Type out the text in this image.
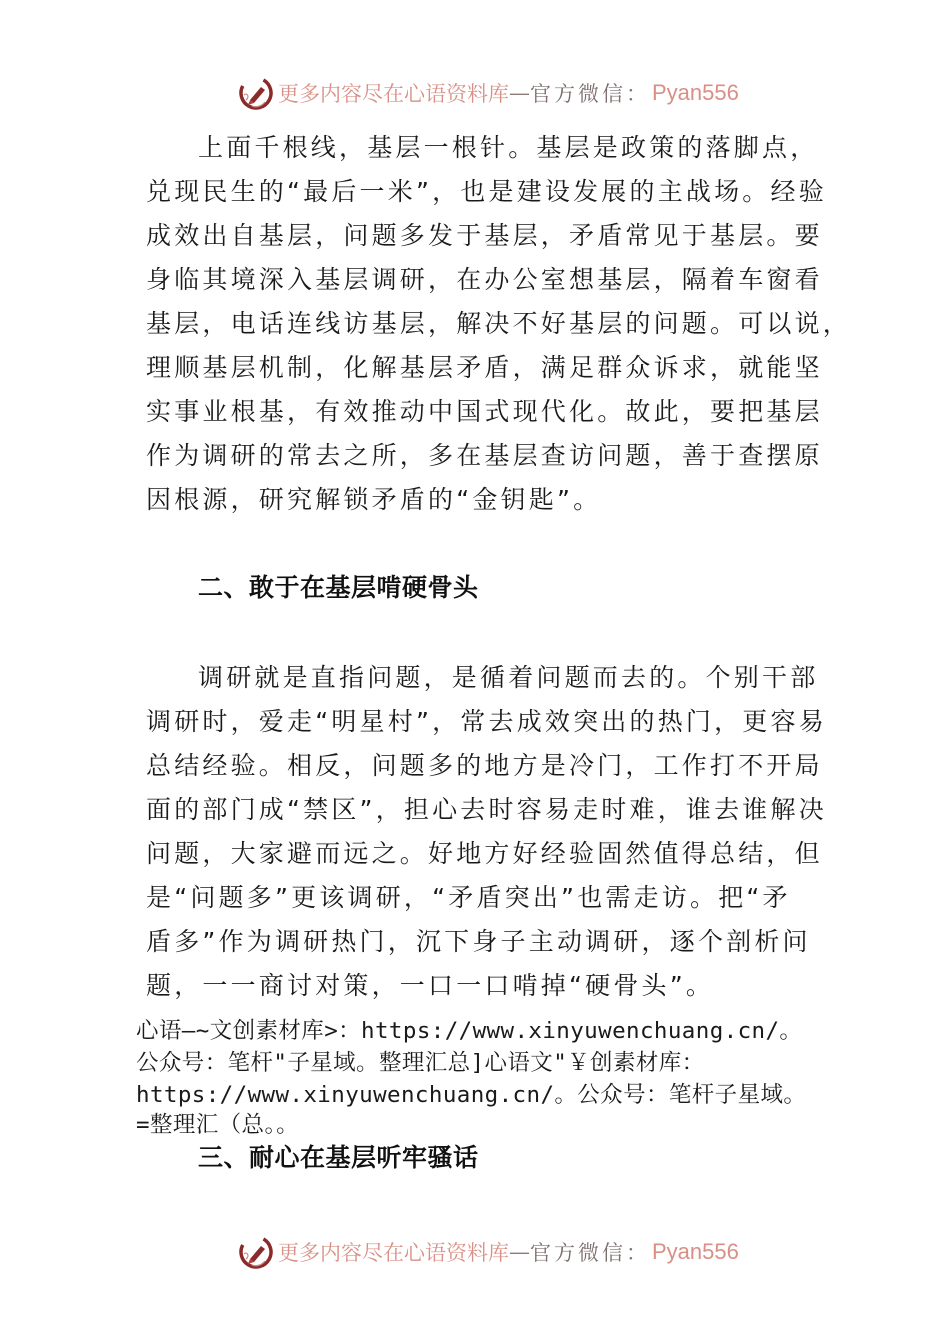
更多内容尽在心语资料库 — 官方微信： Pyan556
上面千根线，基层一根针。基层是政策的落脚点，
兑现民生的“最后一米”，也是建设发展的主战场。经验
成效出自基层，问题多发于基层，矛盾常见于基层。要
身临其境深入基层调研，在办公室想基层，隔着车窗看
基层，电话连线访基层，解决不好基层的问题。可以说，
理顺基层机制，化解基层矛盾，满足群众诉求，就能坚
实事业根基，有效推动中国式现代化。故此，要把基层
作为调研的常去之所，多在基层查访问题，善于查摆原
因根源，研究解锁矛盾的“金钥匙”。
二、敢于在基层啃硬骨头
调研就是直指问题，是循着问题而去的。个别干部
调研时，爱走“明星村”，常去成效突出的热门，更容易
总结经验。相反，问题多的地方是冷门，工作打不开局
面的部门成“禁区”，担心去时容易走时难，谁去谁解决
问题，大家避而远之。好地方好经验固然值得总结，但
是“问题多”更该调研，“矛盾突出”也需走访。把“矛
盾多”作为调研热门，沉下身子主动调研，逐个剖析问
题，一一商讨对策，一口一口啃掉“硬骨头”。
心语—~文创素材库>：https://www.xinyuwenchuang.cn/。
公众号：笔杆"子星域。整理汇总]心语文"￥创素材库：
https://www.xinyuwenchuang.cn/。公众号：笔杆子星域。
=整理汇（总。。
三、耐心在基层听牢骚话
更多内容尽在心语资料库 — 官方微信： Pyan556
